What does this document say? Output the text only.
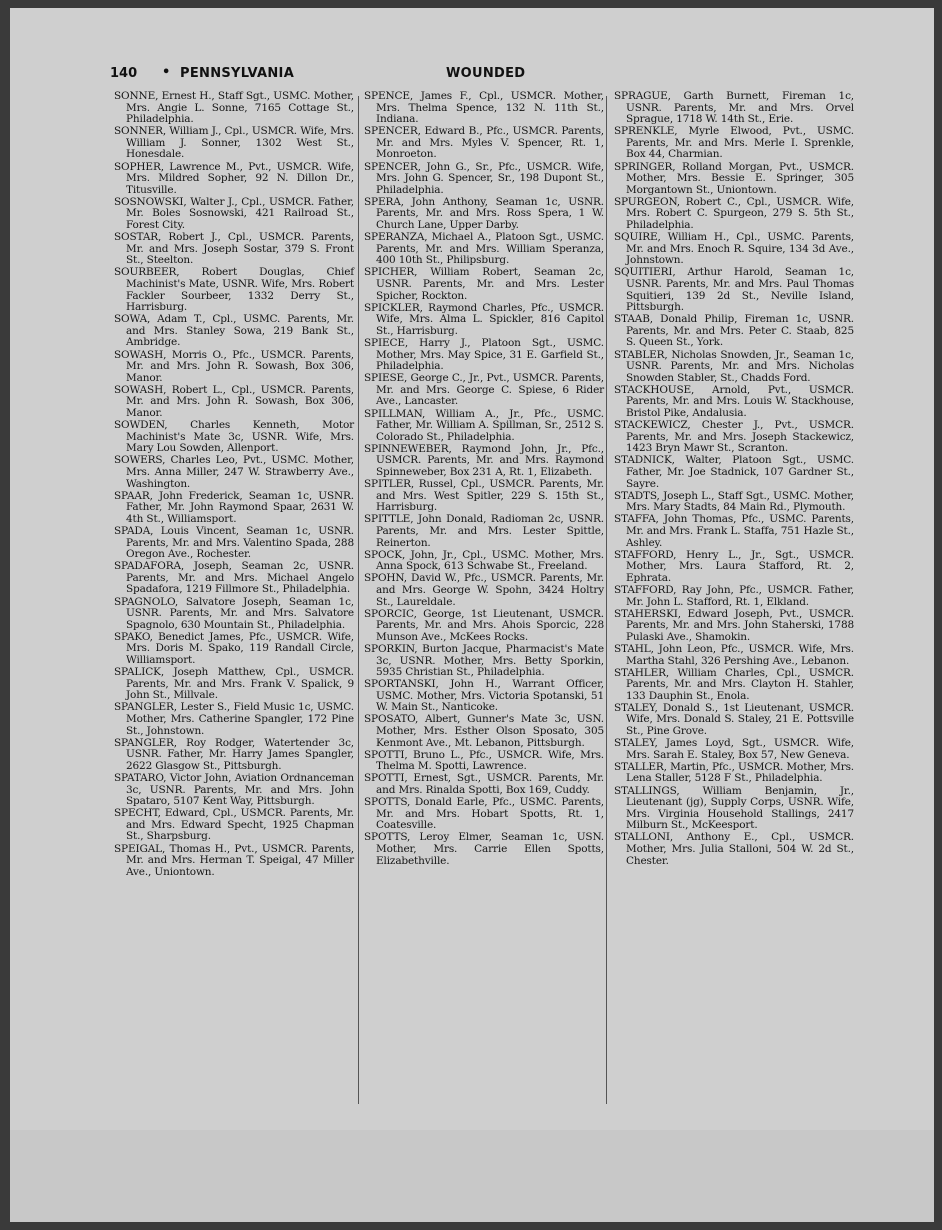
140 • PENNSYLVANIA	WOUNDED
SONNE, Ernest H., Staff Sgt., USMC. Mother, Mrs. Angie L. Sonne, 7165 Cottage St., Philadelphia.
SONNER, William J., Cpl., USMCR. Wife, Mrs. William J. Sonner, 1302 West St., Honesdale.
SOPHER, Lawrence M., Pvt., USMCR. Wife, Mrs. Mildred Sopher, 92 N. Dillon Dr., Titusville.
SOSNOWSKI, Walter J., Cpl., USMCR. Father, Mr. Boles Sosnowski, 421 Railroad St., Forest City.
SOSTAR, Robert J., Cpl., USMCR. Parents, Mr. and Mrs. Joseph Sostar, 379 S. Front St., Steelton.
SOURBEER, Robert Douglas, Chief Machinist's Mate, USNR. Wife, Mrs. Robert Fackler Sourbeer, 1332 Derry St., Harrisburg.
SOWA, Adam T., Cpl., USMC. Parents, Mr. and Mrs. Stanley Sowa, 219 Bank St., Ambridge.
SOWASH, Morris O., Pfc., USMCR. Parents, Mr. and Mrs. John R. Sowash, Box 306, Manor.
SOWASH, Robert L., Cpl., USMCR. Parents, Mr. and Mrs. John R. Sowash, Box 306, Manor.
SOWDEN, Charles Kenneth, Motor Machinist's Mate 3c, USNR. Wife, Mrs. Mary Lou Sowden, Allenport.
SOWERS, Charles Leo, Pvt., USMC. Mother, Mrs. Anna Miller, 247 W. Strawberry Ave., Washington.
SPAAR, John Frederick, Seaman 1c, USNR. Father, Mr. John Raymond Spaar, 2631 W. 4th St., Williamsport.
SPADA, Louis Vincent, Seaman 1c, USNR. Parents, Mr. and Mrs. Valentino Spada, 288 Oregon Ave., Rochester.
SPADAFORA, Joseph, Seaman 2c, USNR. Parents, Mr. and Mrs. Michael Angelo Spadafora, 1219 Fillmore St., Philadelphia.
SPAGNOLO, Salvatore Joseph, Seaman 1c, USNR. Parents, Mr. and Mrs. Salvatore Spagnolo, 630 Mountain St., Philadelphia.
SPAKO, Benedict James, Pfc., USMCR. Wife, Mrs. Doris M. Spako, 119 Randall Circle, Williamsport.
SPALICK, Joseph Matthew, Cpl., USMCR. Parents, Mr. and Mrs. Frank V. Spalick, 9 John St., Millvale.
SPANGLER, Lester S., Field Music 1c, USMC. Mother, Mrs. Catherine Spangler, 172 Pine St., Johnstown.
SPANGLER, Roy Rodger, Watertender 3c, USNR. Father, Mr. Harry James Spangler, 2622 Glasgow St., Pittsburgh.
SPATARO, Victor John, Aviation Ordnanceman 3c, USNR. Parents, Mr. and Mrs. John Spataro, 5107 Kent Way, Pittsburgh.
SPECHT, Edward, Cpl., USMCR. Parents, Mr. and Mrs. Edward Specht, 1925 Chapman St., Sharpsburg.
SPEIGAL, Thomas H., Pvt., USMCR. Parents, Mr. and Mrs. Herman T. Speigal, 47 Miller Ave., Uniontown.
SPENCE, James F., Cpl., USMCR. Mother, Mrs. Thelma Spence, 132 N. 11th St., Indiana.
SPENCER, Edward B., Pfc., USMCR. Parents, Mr. and Mrs. Myles V. Spencer, Rt. 1, Monroeton.
SPENCER, John G., Sr., Pfc., USMCR. Wife, Mrs. John G. Spencer, Sr., 198 Dupont St., Philadelphia.
SPERA, John Anthony, Seaman 1c, USNR. Parents, Mr. and Mrs. Ross Spera, 1 W. Church Lane, Upper Darby.
SPERANZA, Michael A., Platoon Sgt., USMC. Parents, Mr. and Mrs. William Speranza, 400 10th St., Philipsburg.
SPICHER, William Robert, Seaman 2c, USNR. Parents, Mr. and Mrs. Lester Spicher, Rockton.
SPICKLER, Raymond Charles, Pfc., USMCR. Wife, Mrs. Alma L. Spickler, 816 Capitol St., Harrisburg.
SPIECE, Harry J., Platoon Sgt., USMC. Mother, Mrs. May Spice, 31 E. Garfield St., Philadelphia.
SPIESE, George C., Jr., Pvt., USMCR. Parents, Mr. and Mrs. George C. Spiese, 6 Rider Ave., Lancaster.
SPILLMAN, William A., Jr., Pfc., USMC. Father, Mr. William A. Spillman, Sr., 2512 S. Colorado St., Philadelphia.
SPINNEWEBER, Raymond John, Jr., Pfc., USMCR. Parents, Mr. and Mrs. Raymond Spinneweber, Box 231 A, Rt. 1, Elizabeth.
SPITLER, Russel, Cpl., USMCR. Parents, Mr. and Mrs. West Spitler, 229 S. 15th St., Harrisburg.
SPITTLE, John Donald, Radioman 2c, USNR. Parents, Mr. and Mrs. Lester Spittle, Reinerton.
SPOCK, John, Jr., Cpl., USMC. Mother, Mrs. Anna Spock, 613 Schwabe St., Freeland.
SPOHN, David W., Pfc., USMCR. Parents, Mr. and Mrs. George W. Spohn, 3424 Holtry St., Laureldale.
SPORCIC, George, 1st Lieutenant, USMCR. Parents, Mr. and Mrs. Ahois Sporcic, 228 Munson Ave., McKees Rocks.
SPORKIN, Burton Jacque, Pharmacist's Mate 3c, USNR. Mother, Mrs. Betty Sporkin, 5935 Christian St., Philadelphia.
SPORTANSKI, John H., Warrant Officer, USMC. Mother, Mrs. Victoria Spotanski, 51 W. Main St., Nanticoke.
SPOSATO, Albert, Gunner's Mate 3c, USN. Mother, Mrs. Esther Olson Sposato, 305 Kenmont Ave., Mt. Lebanon, Pittsburgh.
SPOTTI, Bruno L., Pfc., USMCR. Wife, Mrs. Thelma M. Spotti, Lawrence.
SPOTTI, Ernest, Sgt., USMCR. Parents, Mr. and Mrs. Rinalda Spotti, Box 169, Cuddy.
SPOTTS, Donald Earle, Pfc., USMC. Parents, Mr. and Mrs. Hobart Spotts, Rt. 1, Coatesville.
SPOTTS, Leroy Elmer, Seaman 1c, USN. Mother, Mrs. Carrie Ellen Spotts, Elizabethville.
SPRAGUE, Garth Burnett, Fireman 1c, USNR. Parents, Mr. and Mrs. Orvel Sprague, 1718 W. 14th St., Erie.
SPRENKLE, Myrle Elwood, Pvt., USMC. Parents, Mr. and Mrs. Merle I. Sprenkle, Box 44, Charmian.
SPRINGER, Rolland Morgan, Pvt., USMCR. Mother, Mrs. Bessie E. Springer, 305 Morgantown St., Uniontown.
SPURGEON, Robert C., Cpl., USMCR. Wife, Mrs. Robert C. Spurgeon, 279 S. 5th St., Philadelphia.
SQUIRE, William H., Cpl., USMC. Parents, Mr. and Mrs. Enoch R. Squire, 134 3d Ave., Johnstown.
SQUITIERI, Arthur Harold, Seaman 1c, USNR. Parents, Mr. and Mrs. Paul Thomas Squitieri, 139 2d St., Neville Island, Pittsburgh.
STAAB, Donald Philip, Fireman 1c, USNR. Parents, Mr. and Mrs. Peter C. Staab, 825 S. Queen St., York.
STABLER, Nicholas Snowden, Jr., Seaman 1c, USNR. Parents, Mr. and Mrs. Nicholas Snowden Stabler, St., Chadds Ford.
STACKHOUSE, Arnold, Pvt., USMCR. Parents, Mr. and Mrs. Louis W. Stackhouse, Bristol Pike, Andalusia.
STACKEWICZ, Chester J., Pvt., USMCR. Parents, Mr. and Mrs. Joseph Stackewicz, 1423 Bryn Mawr St., Scranton.
STADNICK, Walter, Platoon Sgt., USMC. Father, Mr. Joe Stadnick, 107 Gardner St., Sayre.
STADTS, Joseph L., Staff Sgt., USMC. Mother, Mrs. Mary Stadts, 84 Main Rd., Plymouth.
STAFFA, John Thomas, Pfc., USMC. Parents, Mr. and Mrs. Frank L. Staffa, 751 Hazle St., Ashley.
STAFFORD, Henry L., Jr., Sgt., USMCR. Mother, Mrs. Laura Stafford, Rt. 2, Ephrata.
STAFFORD, Ray John, Pfc., USMCR. Father, Mr. John L. Stafford, Rt. 1, Elkland.
STAHERSKI, Edward Joseph, Pvt., USMCR. Parents, Mr. and Mrs. John Staherski, 1788 Pulaski Ave., Shamokin.
STAHL, John Leon, Pfc., USMCR. Wife, Mrs. Martha Stahl, 326 Pershing Ave., Lebanon.
STAHLER, William Charles, Cpl., USMCR. Parents, Mr. and Mrs. Clayton H. Stahler, 133 Dauphin St., Enola.
STALEY, Donald S., 1st Lieutenant, USMCR. Wife, Mrs. Donald S. Staley, 21 E. Pottsville St., Pine Grove.
STALEY, James Loyd, Sgt., USMCR. Wife, Mrs. Sarah E. Staley, Box 57, New Geneva.
STALLER, Martin, Pfc., USMCR. Mother, Mrs. Lena Staller, 5128 F St., Philadelphia.
STALLINGS, William Benjamin, Jr., Lieutenant (jg), Supply Corps, USNR. Wife, Mrs. Virginia Household Stallings, 2417 Milburn St., McKeesport.
STALLONI, Anthony E., Cpl., USMCR. Mother, Mrs. Julia Stalloni, 504 W. 2d St., Chester.
